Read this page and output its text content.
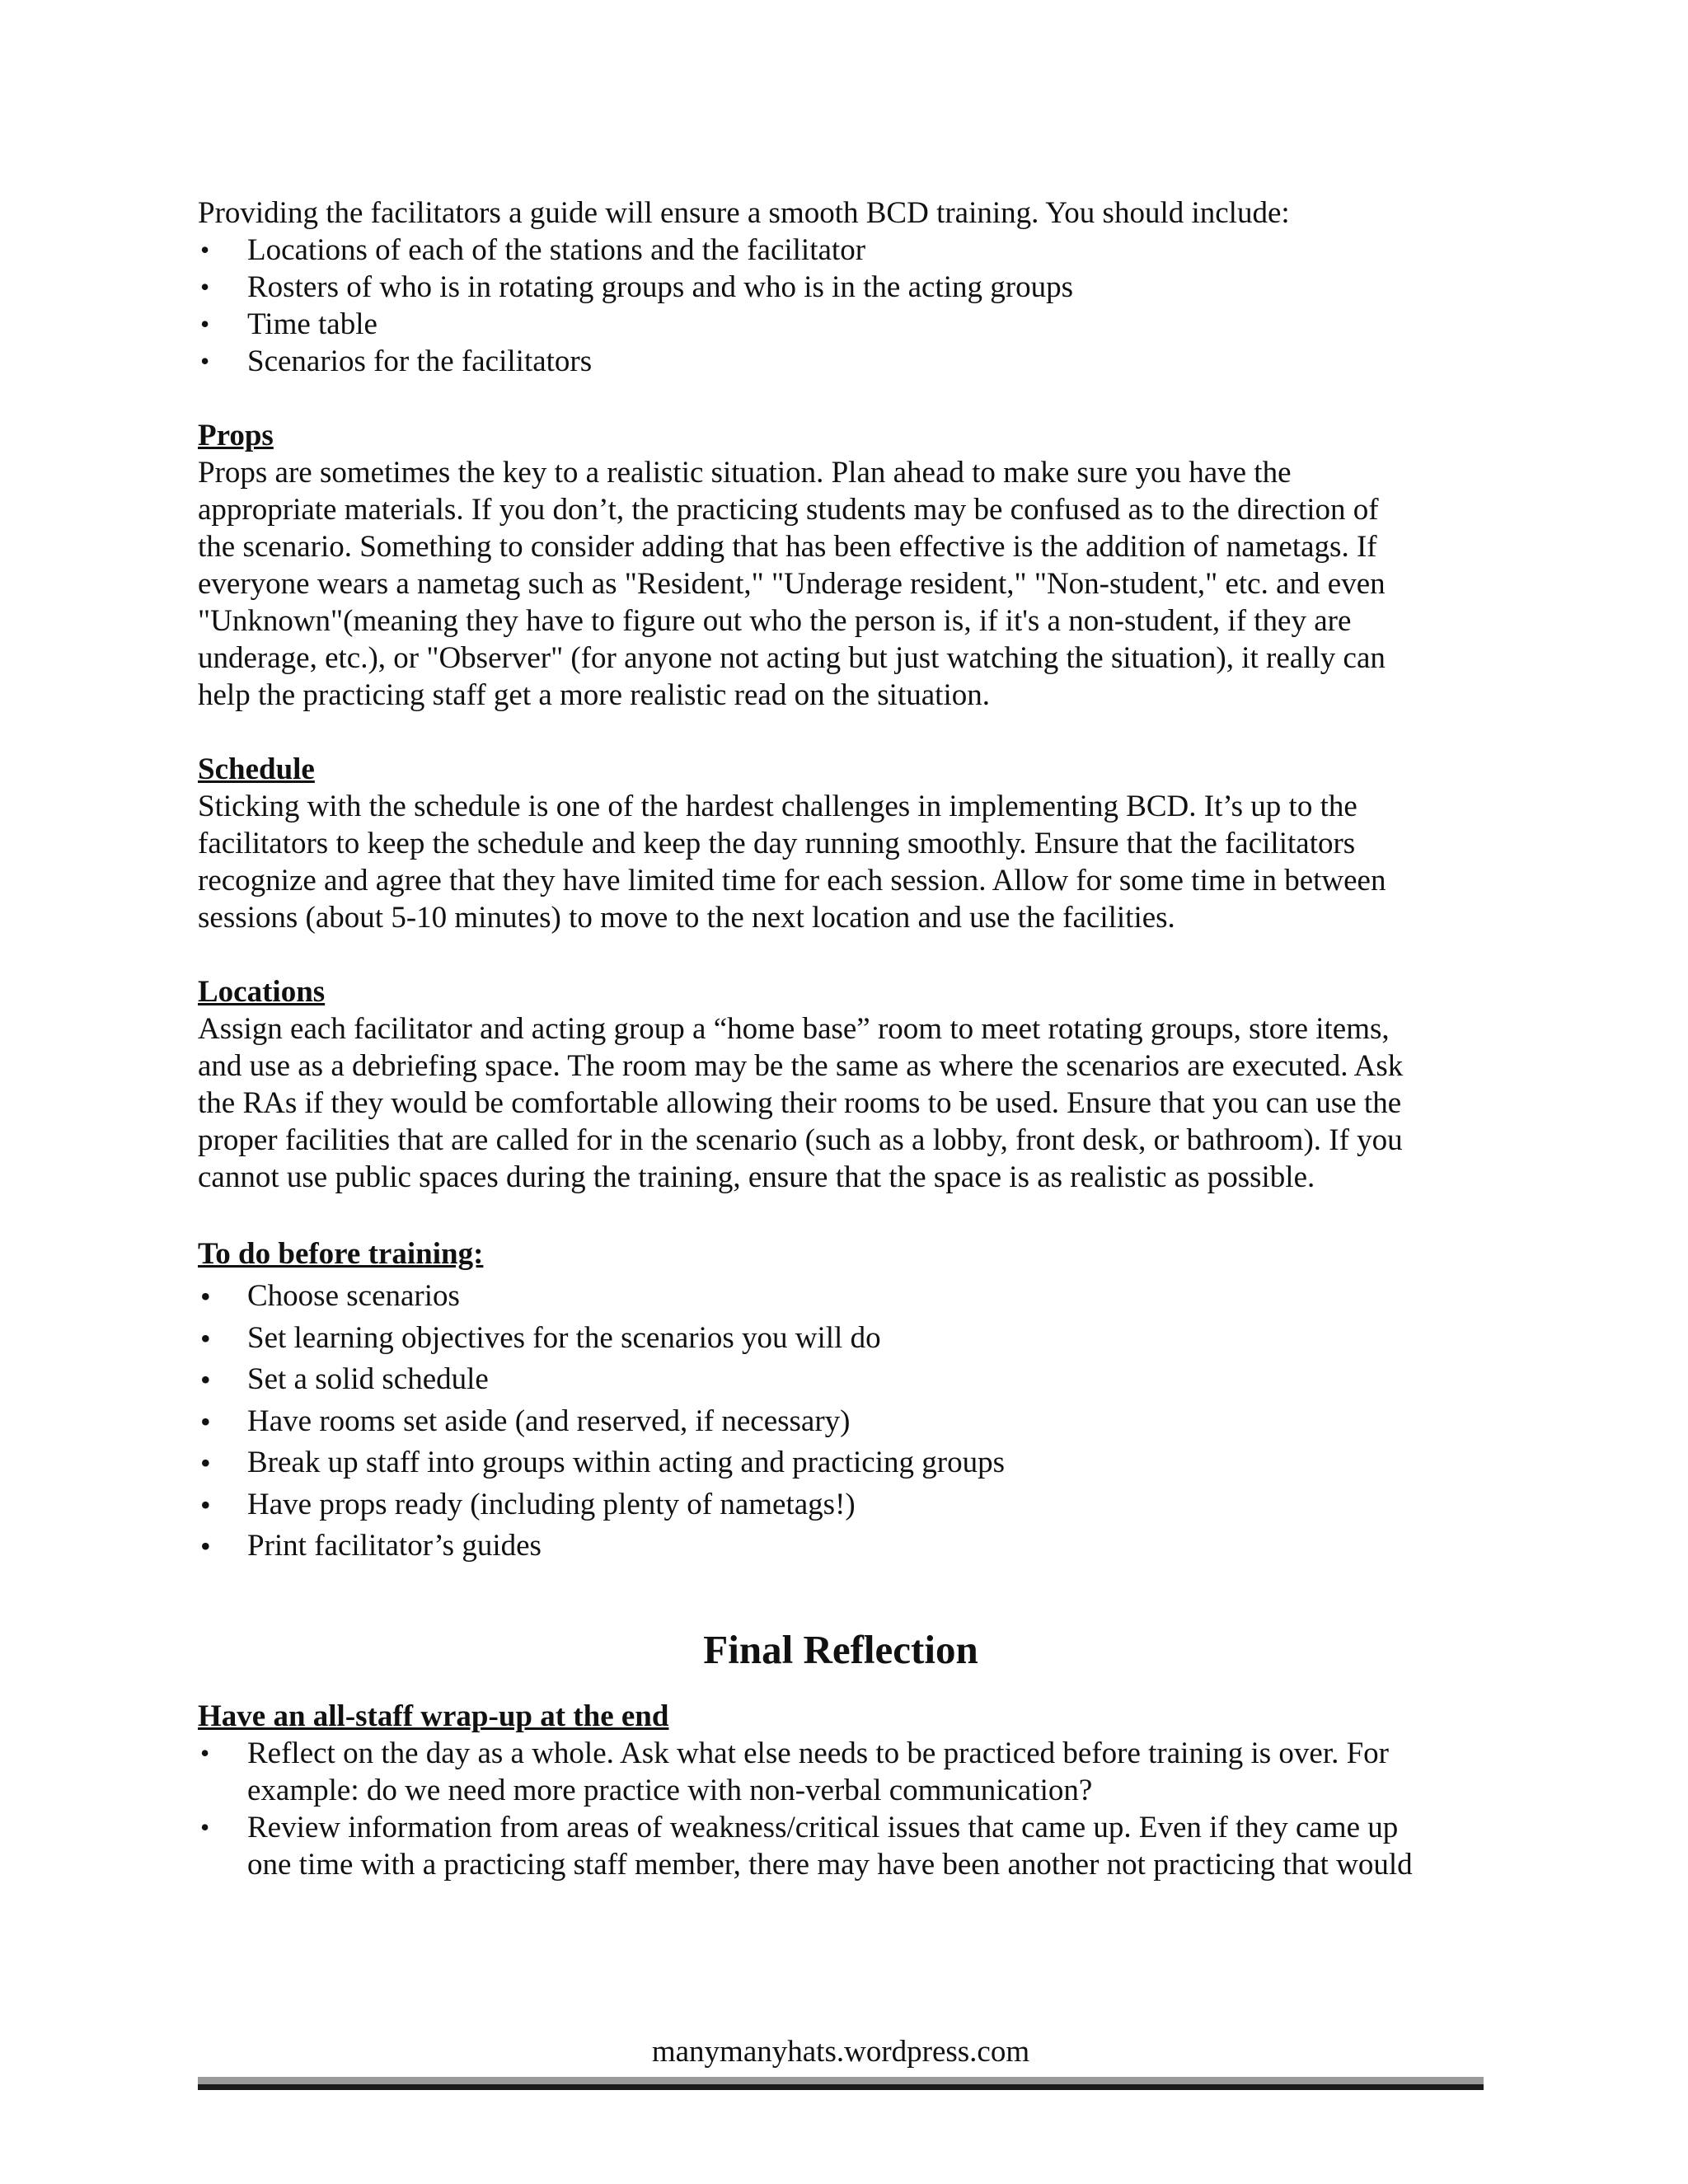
Providing the facilitators a guide will ensure a smooth BCD training. You should include:

• Locations of each of the stations and the facilitator
• Rosters of who is in rotating groups and who is in the acting groups
• Time table
• Scenarios for the facilitators

Props

Props are sometimes the key to a realistic situation. Plan ahead to make sure you have the
appropriate materials. If you don’t, the practicing students may be confused as to the direction of
the scenario. Something to consider adding that has been effective is the addition of nametags. If
everyone wears a nametag such as "Resident," "Underage resident," "Non-student," etc. and even
"Unknown"(meaning they have to figure out who the person is, if it's a non-student, if they are
underage, etc.), or "Observer" (for anyone not acting but just watching the situation), it really can
help the practicing staff get a more realistic read on the situation.

Schedule

Sticking with the schedule is one of the hardest challenges in implementing BCD. It’s up to the
facilitators to keep the schedule and keep the day running smoothly. Ensure that the facilitators
recognize and agree that they have limited time for each session. Allow for some time in between
sessions (about 5-10 minutes) to move to the next location and use the facilities.

Locations

Assign each facilitator and acting group a “home base” room to meet rotating groups, store items,
and use as a debriefing space. The room may be the same as where the scenarios are executed. Ask
the RAs if they would be comfortable allowing their rooms to be used. Ensure that you can use the
proper facilities that are called for in the scenario (such as a lobby, front desk, or bathroom). If you
cannot use public spaces during the training, ensure that the space is as realistic as possible.

To do before training:

• Choose scenarios
• Set learning objectives for the scenarios you will do
• Set a solid schedule
• Have rooms set aside (and reserved, if necessary)
• Break up staff into groups within acting and practicing groups
• Have props ready (including plenty of nametags!)
• Print facilitator’s guides

Final Reflection

Have an all-staff wrap-up at the end

• Reflect on the day as a whole. Ask what else needs to be practiced before training is over. For
example: do we need more practice with non-verbal communication?
• Review information from areas of weakness/critical issues that came up. Even if they came up
one time with a practicing staff member, there may have been another not practicing that would
manymanyhats.wordpress.com
